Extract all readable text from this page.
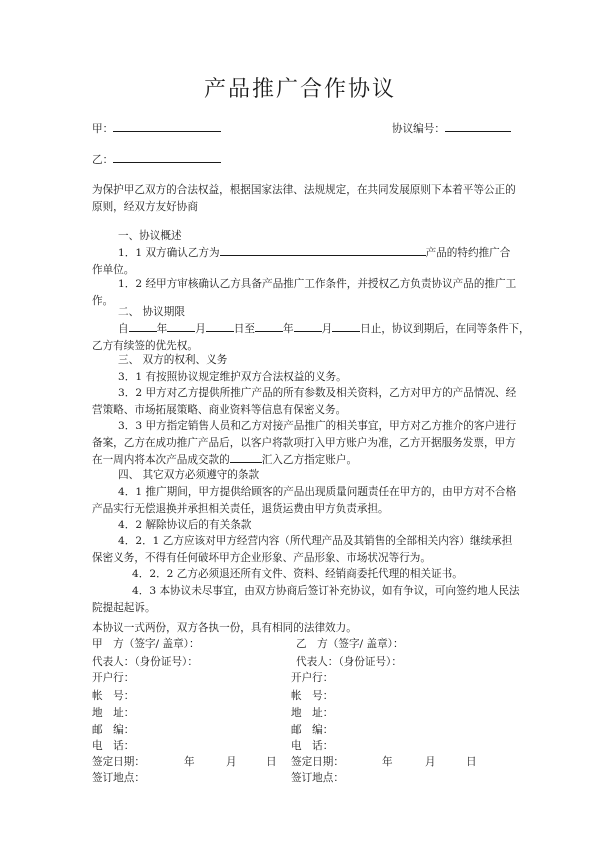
产品推广合作协议
甲：	协议编号：
乙：
为保护甲乙双方的合法权益，根据国家法律、法规规定，在共同发展原则下本着平等公正的
原则，经双方友好协商
一、协议概述
1．1 双方确认乙方为	产品的特约推广合
作单位。
1．2 经甲方审核确认乙方具备产品推广工作条件，并授权乙方负责协议产品的推广工
作。
二、 协议期限
自	年	月	日至	年	月	日止，协议到期后，在同等条件下，
乙方有续签的优先权。
三、 双方的权利、义务
3．1 有按照协议规定维护双方合法权益的义务。
3．2 甲方对乙方提供所推广产品的所有参数及相关资料，乙方对甲方的产品情况、经
营策略、市场拓展策略、商业资料等信息有保密义务。
3．3 甲方指定销售人员和乙方对接产品推广的相关事宜，甲方对乙方推介的客户进行
备案，乙方在成功推广产品后，以客户将款项打入甲方账户为准，乙方开据服务发票，甲方
在一周内将本次产品成交款的	汇入乙方指定账户。
四、 其它双方必须遵守的条款
4．1 推广期间，甲方提供给顾客的产品出现质量问题责任在甲方的，由甲方对不合格
产品实行无偿退换并承担相关责任，退货运费由甲方负责承担。
4．2 解除协议后的有关条款
4．2．1 乙方应该对甲方经营内容（所代理产品及其销售的全部相关内容）继续承担
保密义务，不得有任何破坏甲方企业形象、产品形象、市场状况等行为。
4．2．2 乙方必须退还所有文件、资料、经销商委托代理的相关证书。
4．3 本协议未尽事宜，由双方协商后签订补充协议，如有争议，可向签约地人民法
院提起起诉。
本协议一式两份，双方各执一份，具有相同的法律效力。
甲　方（签字/ 盖章）：	乙　方（签字/ 盖章）：
代表人：（身份证号）：	代表人：（身份证号）：
开户行：	开户行：
帐　号：	帐　号：
地　址：	地　址：
邮　编：	邮　编：
电　话：	电　话：
签定日期：	年	月	日 签定日期：	年	月	日
签订地点：	签订地点：
